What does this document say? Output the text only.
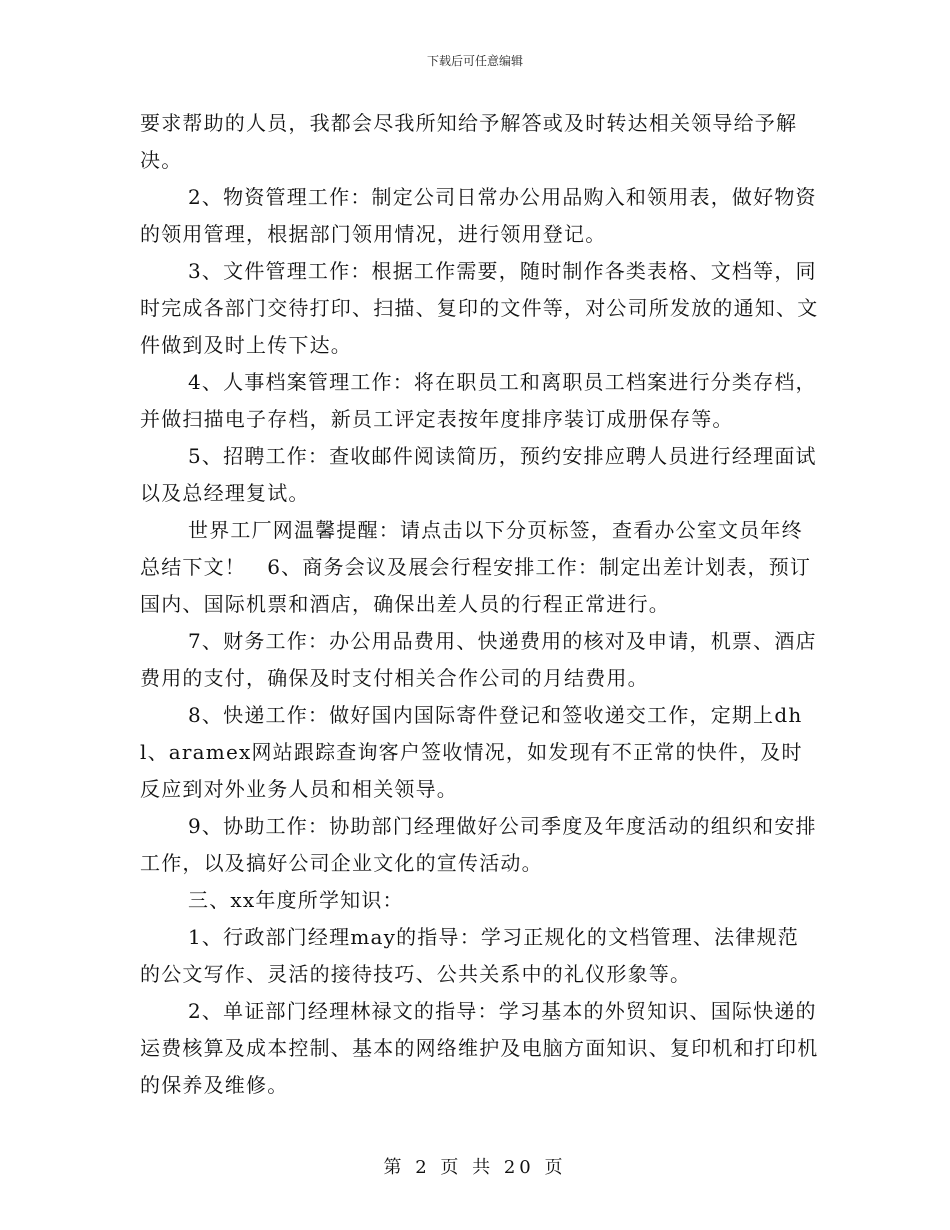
下载后可任意编辑

要求帮助的人员，我都会尽我所知给予解答或及时转达相关领导给予解决。

2、物资管理工作：制定公司日常办公用品购入和领用表，做好物资的领用管理，根据部门领用情况，进行领用登记。

3、文件管理工作：根据工作需要，随时制作各类表格、文档等，同时完成各部门交待打印、扫描、复印的文件等，对公司所发放的通知、文件做到及时上传下达。

4、人事档案管理工作：将在职员工和离职员工档案进行分类存档，并做扫描电子存档，新员工评定表按年度排序装订成册保存等。

5、招聘工作：查收邮件阅读简历，预约安排应聘人员进行经理面试以及总经理复试。

世界工厂网温馨提醒：请点击以下分页标签，查看办公室文员年终总结下文！　6、商务会议及展会行程安排工作：制定出差计划表，预订国内、国际机票和酒店，确保出差人员的行程正常进行。

7、财务工作：办公用品费用、快递费用的核对及申请，机票、酒店费用的支付，确保及时支付相关合作公司的月结费用。

8、快递工作：做好国内国际寄件登记和签收递交工作，定期上dhl、aramex网站跟踪查询客户签收情况，如发现有不正常的快件，及时反应到对外业务人员和相关领导。

9、协助工作：协助部门经理做好公司季度及年度活动的组织和安排工作，以及搞好公司企业文化的宣传活动。

三、xx年度所学知识：

1、行政部门经理may的指导：学习正规化的文档管理、法律规范的公文写作、灵活的接待技巧、公共关系中的礼仪形象等。

2、单证部门经理林禄文的指导：学习基本的外贸知识、国际快递的运费核算及成本控制、基本的网络维护及电脑方面知识、复印机和打印机的保养及维修。

第 2 页 共 20 页
